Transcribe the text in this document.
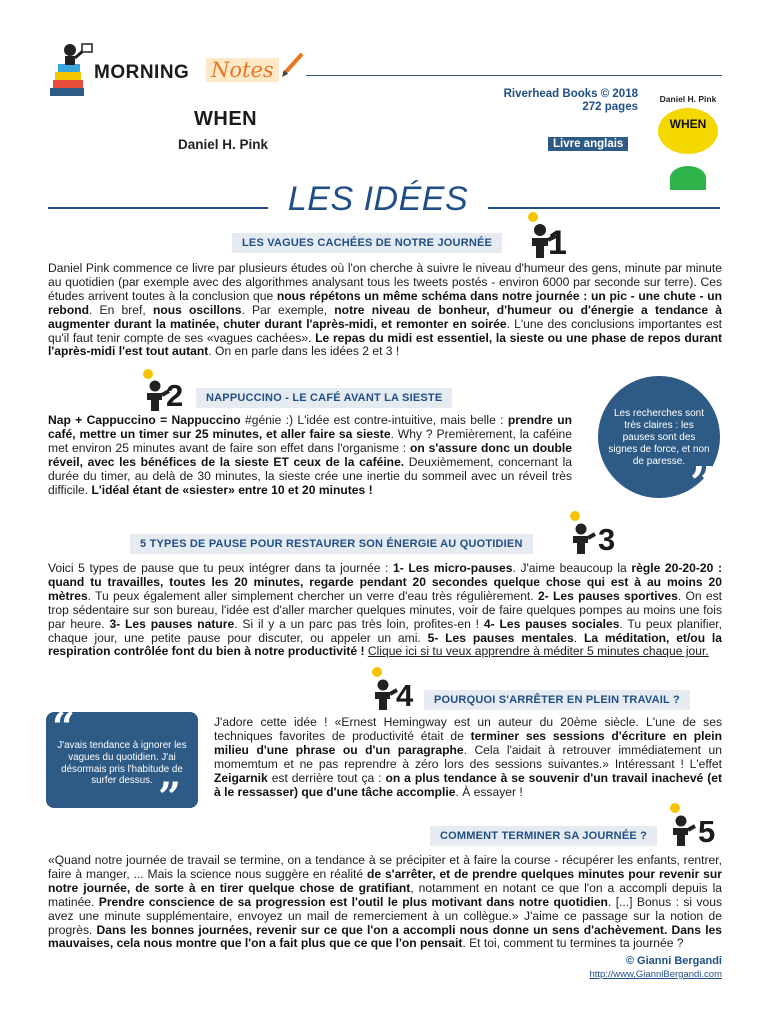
MORNING Notes
WHEN
Daniel H. Pink
Riverhead Books © 2018
272 pages
Livre anglais
Daniel H. Pink
WHEN
LES IDÉES
LES VAGUES CACHÉES DE NOTRE JOURNÉE 1
Daniel Pink commence ce livre par plusieurs études où l'on cherche à suivre le niveau d'humeur des gens, minute par minute au quotidien (par exemple avec des algorithmes analysant tous les tweets postés - environ 6000 par seconde sur terre). Ces études arrivent toutes à la conclusion que nous répétons un même schéma dans notre journée : un pic - une chute - un rebond. En bref, nous oscillons. Par exemple, notre niveau de bonheur, d'humeur ou d'énergie a tendance à augmenter durant la matinée, chuter durant l'après-midi, et remonter en soirée. L'une des conclusions importantes est qu'il faut tenir compte de ses «vagues cachées». Le repas du midi est essentiel, la sieste ou une phase de repos durant l'après-midi l'est tout autant. On en parle dans les idées 2 et 3 !
2	NAPPUCCINO - LE CAFÉ AVANT LA SIESTE
Nap + Cappuccino = Nappuccino #génie :) L'idée est contre-intuitive, mais belle : prendre un café, mettre un timer sur 25 minutes, et aller faire sa sieste. Why ? Premièrement, la caféine met environ 25 minutes avant de faire son effet dans l'organisme : on s'assure donc un double réveil, avec les bénéfices de la sieste ET ceux de la caféine. Deuxièmement, concernant la durée du timer, au delà de 30 minutes, la sieste crée une inertie du sommeil avec un réveil très difficile. L'idéal étant de «siester» entre 10 et 20 minutes !
“
Les recherches sont très claires : les pauses sont des signes de force, et non de paresse. ”
5 TYPES DE PAUSE POUR RESTAURER SON ÉNERGIE AU QUOTIDIEN	3
Voici 5 types de pause que tu peux intégrer dans ta journée : 1- Les micro-pauses. J'aime beaucoup la règle 20-20-20 : quand tu travailles, toutes les 20 minutes, regarde pendant 20 secondes quelque chose qui est à au moins 20 mètres. Tu peux également aller simplement chercher un verre d'eau très régulièrement. 2- Les pauses sportives. On est trop sédentaire sur son bureau, l'idée est d'aller marcher quelques minutes, voir de faire quelques pompes au moins une fois par heure. 3- Les pauses nature. Si il y a un parc pas très loin, profites-en ! 4- Les pauses sociales. Tu peux planifier, chaque jour, une petite pause pour discuter, ou appeler un ami. 5- Les pauses mentales. La méditation, et/ou la respiration contrôlée font du bien à notre productivité ! Clique ici si tu veux apprendre à méditer 5 minutes chaque jour.
4	POURQUOI S'ARRÊTER EN PLEIN TRAVAIL ?
“
J'avais tendance à ignorer les vagues du quotidien. J'ai désormais pris l'habitude de surfer dessus. ”
J'adore cette idée ! «Ernest Hemingway est un auteur du 20ème siècle. L'une de ses techniques favorites de productivité était de terminer ses sessions d'écriture en plein milieu d'une phrase ou d'un paragraphe. Cela l'aidait à retrouver immédiatement un momemtum et ne pas reprendre à zéro lors des sessions suivantes.» Intéressant ! L'effet Zeigarnik est derrière tout ça : on a plus tendance à se souvenir d'un travail inachevé (et à le ressasser) que d'une tâche accomplie. À essayer !
COMMENT TERMINER SA JOURNÉE ?	5
«Quand notre journée de travail se termine, on a tendance à se précipiter et à faire la course - récupérer les enfants, rentrer, faire à manger, ... Mais la science nous suggère en réalité de s'arrêter, et de prendre quelques minutes pour revenir sur notre journée, de sorte à en tirer quelque chose de gratifiant, notamment en notant ce que l'on a accompli depuis la matinée. Prendre conscience de sa progression est l'outil le plus motivant dans notre quotidien. [...] Bonus : si vous avez une minute supplémentaire, envoyez un mail de remerciement à un collègue.» J'aime ce passage sur la notion de progrès. Dans les bonnes journées, revenir sur ce que l'on a accompli nous donne un sens d'achèvement. Dans les mauvaises, cela nous montre que l'on a fait plus que ce que l'on pensait. Et toi, comment tu termines ta journée ?
© Gianni Bergandi
http://www.GianniBergandi.com
